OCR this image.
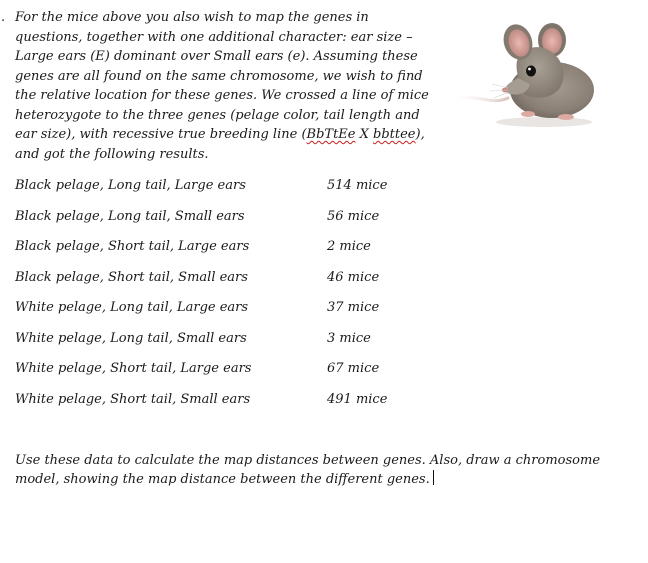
. For the mice above you also wish to map the genes in questions, together with one additional character: ear size – Large ears (E) dominant over Small ears (e). Assuming these genes are all found on the same chromosome, we wish to find the relative location for these genes. We crossed a line of mice heterozygote to the three genes (pelage color, tail length and ear size), with recessive true breeding line (BbTtEe X bbttee), and got the following results.

Black pelage, Long tail, Large ears	514 mice
Black pelage, Long tail, Small ears	56 mice
Black pelage, Short tail, Large ears	2 mice
Black pelage, Short tail, Small ears	46 mice
White pelage, Long tail, Large ears	37 mice
White pelage, Long tail, Small ears	3 mice
White pelage, Short tail, Large ears	67 mice
White pelage, Short tail, Small ears	491 mice

Use these data to calculate the map distances between genes. Also, draw a chromosome model, showing the map distance between the different genes.
